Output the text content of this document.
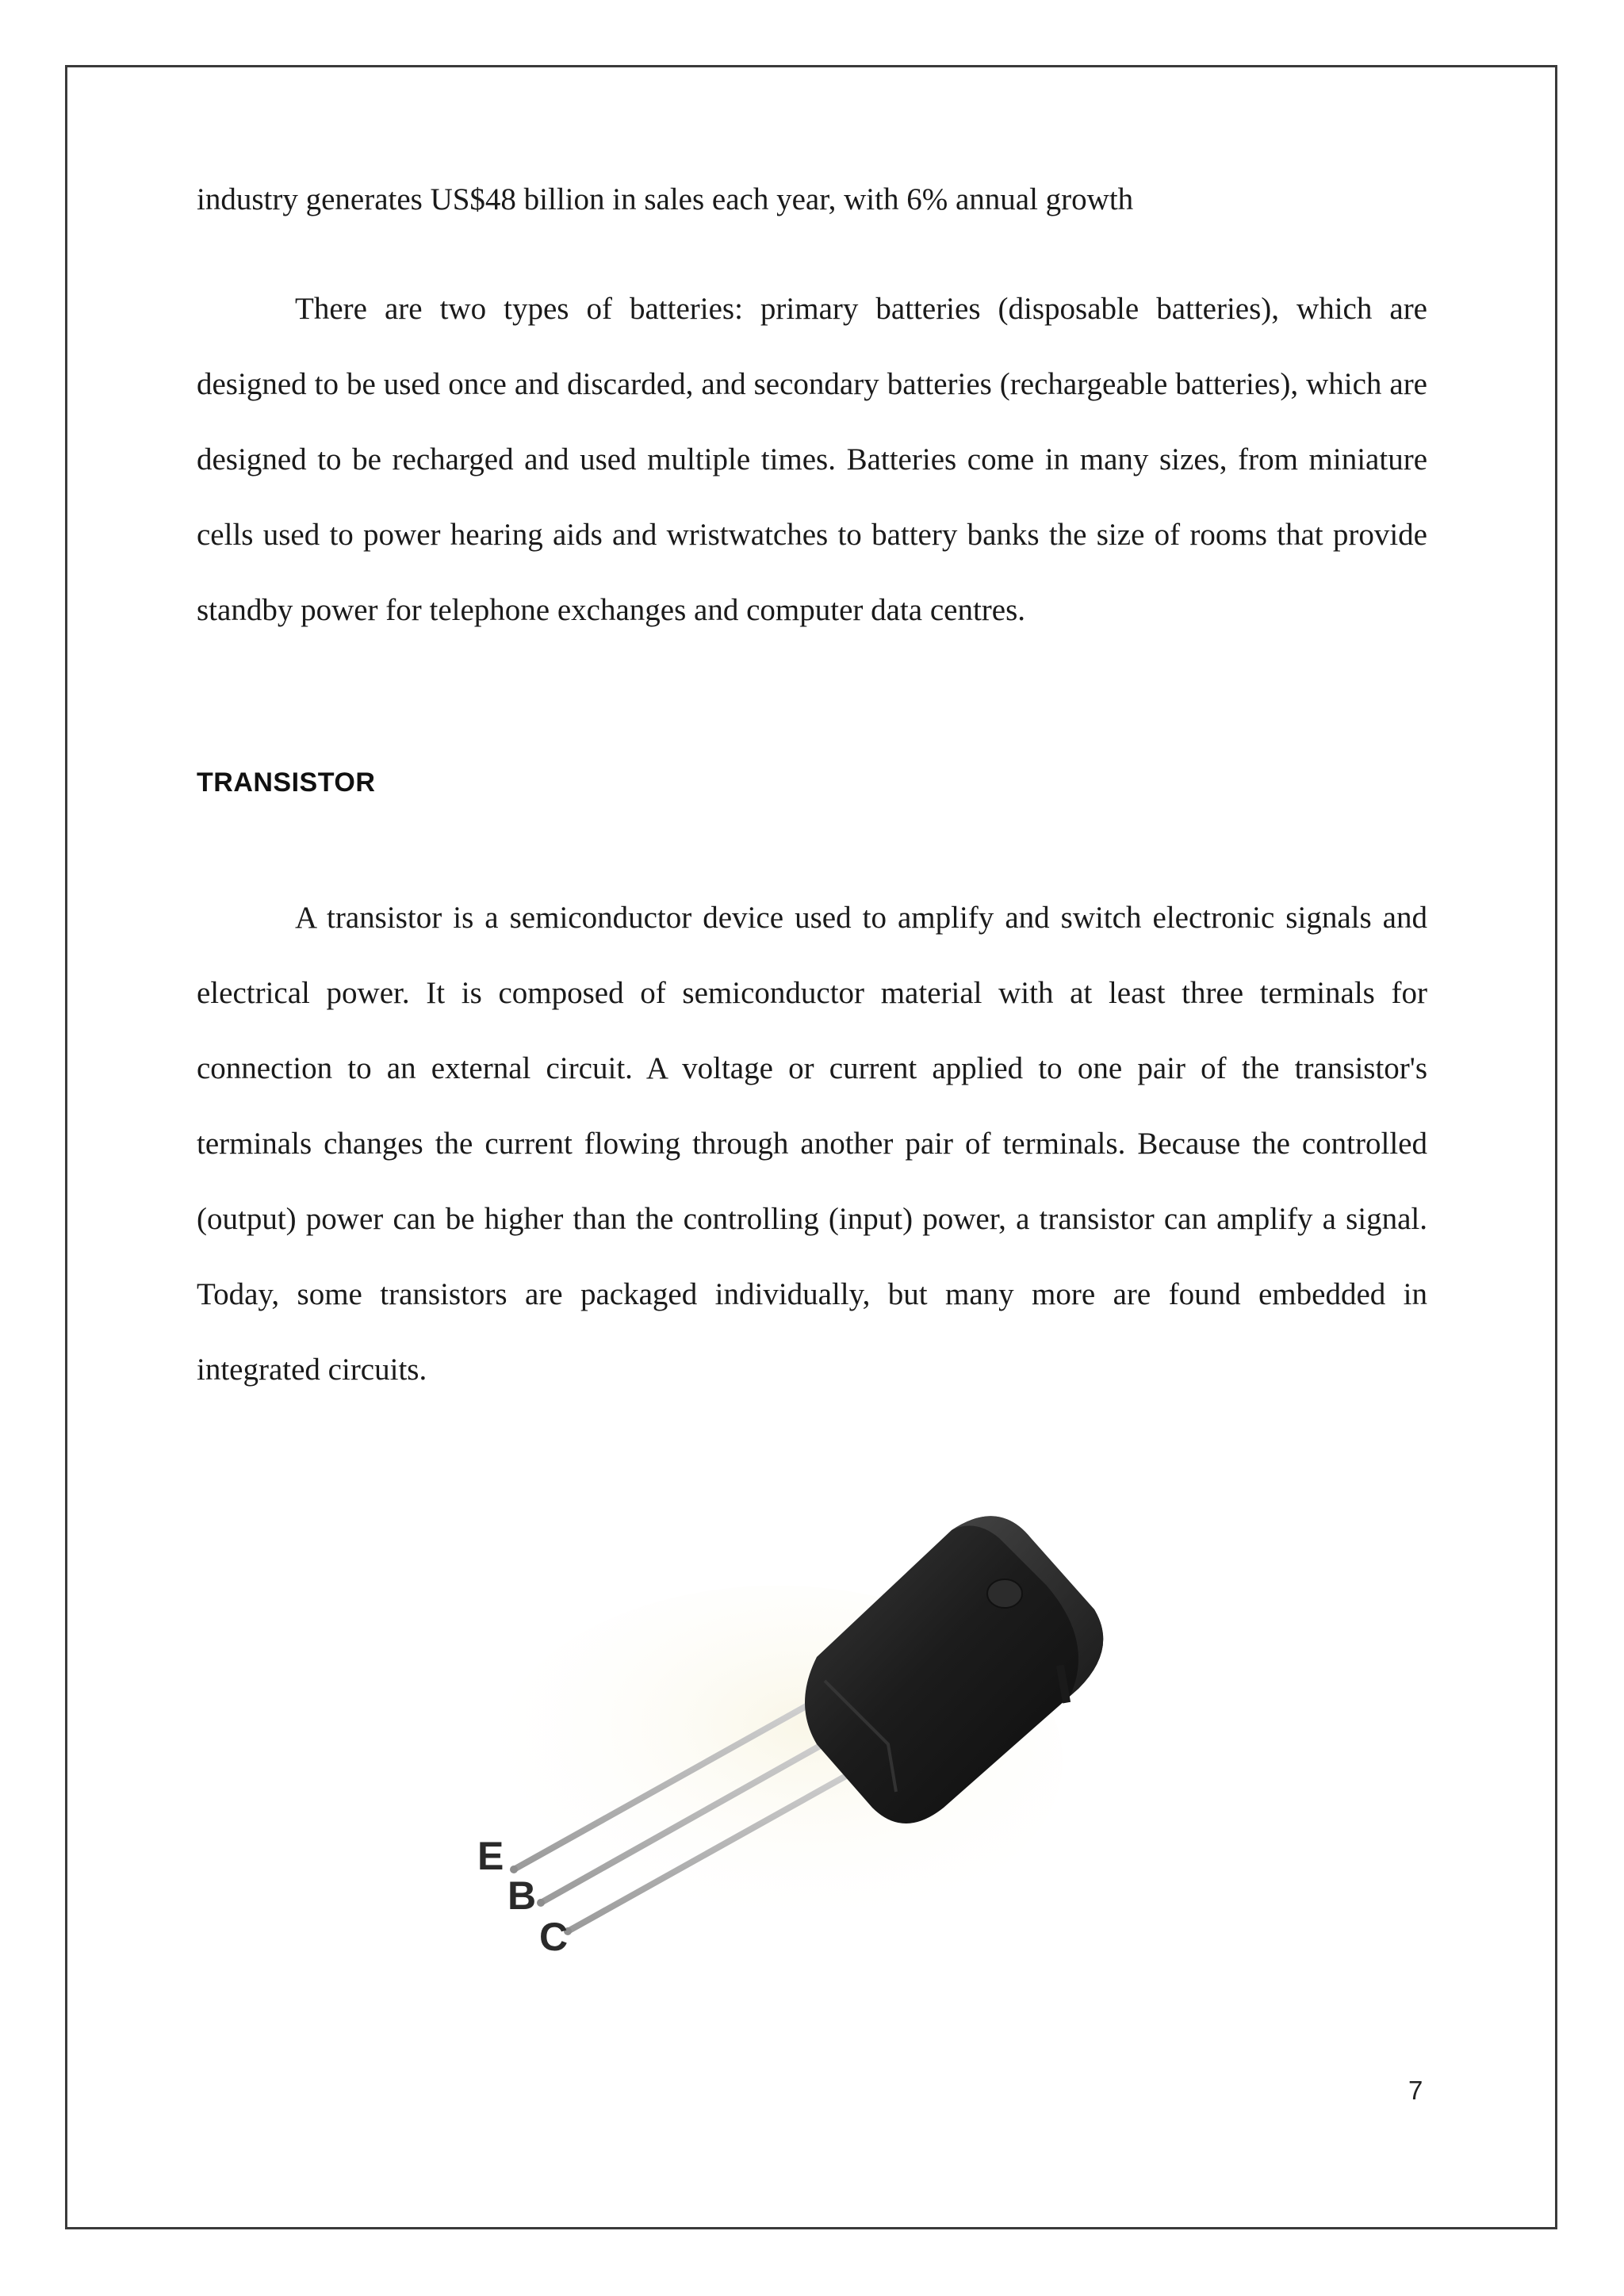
industry generates US$48 billion in sales each year, with 6% annual growth

There are two types of batteries: primary batteries (disposable batteries), which are designed to be used once and discarded, and secondary batteries (rechargeable batteries), which are designed to be recharged and used multiple times. Batteries come in many sizes, from miniature cells used to power hearing aids and wristwatches to battery banks the size of rooms that provide standby power for telephone exchanges and computer data centres.

TRANSISTOR

A transistor is a semiconductor device used to amplify and switch electronic signals and electrical power. It is composed of semiconductor material with at least three terminals for connection to an external circuit. A voltage or current applied to one pair of the transistor's terminals changes the current flowing through another pair of terminals. Because the controlled (output) power can be higher than the controlling (input) power, a transistor can amplify a signal. Today, some transistors are packaged individually, but many more are found embedded in integrated circuits.

E
B
C
7
